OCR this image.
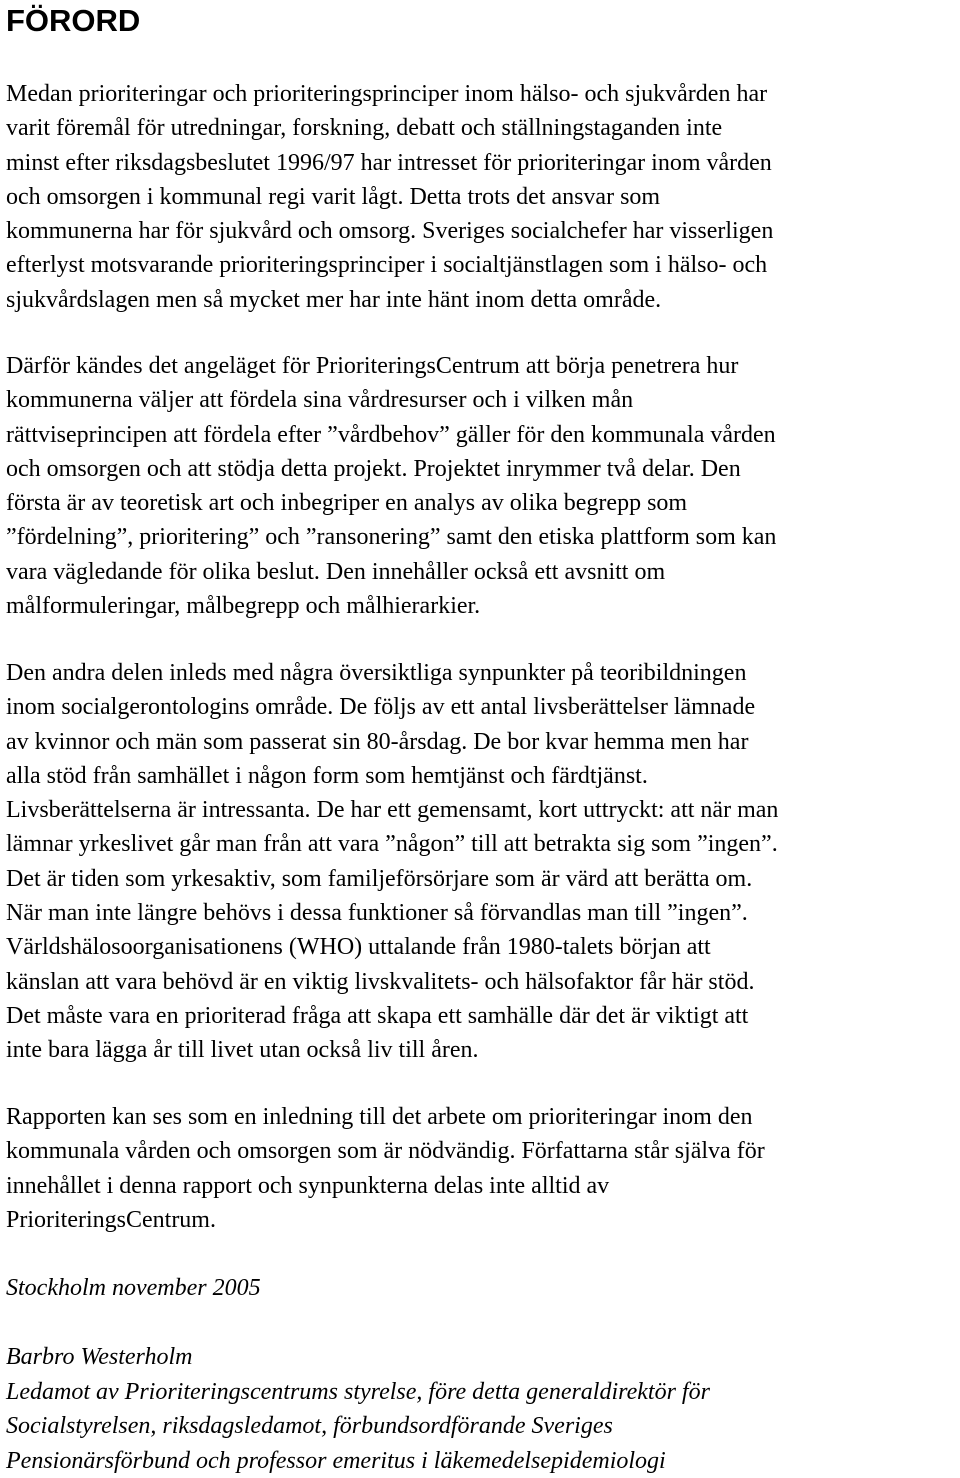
FÖRORD

Medan prioriteringar och prioriteringsprinciper inom hälso- och sjukvården har
varit föremål för utredningar, forskning, debatt och ställningstaganden inte
minst efter riksdagsbeslutet 1996/97 har intresset för prioriteringar inom vården
och omsorgen i kommunal regi varit lågt. Detta trots det ansvar som
kommunerna har för sjukvård och omsorg. Sveriges socialchefer har visserligen
efterlyst motsvarande prioriteringsprinciper i socialtjänstlagen som i hälso- och
sjukvårdslagen men så mycket mer har inte hänt inom detta område.

Därför kändes det angeläget för PrioriteringsCentrum att börja penetrera hur
kommunerna väljer att fördela sina vårdresurser och i vilken mån
rättviseprincipen att fördela efter ”vårdbehov” gäller för den kommunala vården
och omsorgen och att stödja detta projekt. Projektet inrymmer två delar. Den
första är av teoretisk art och inbegriper en analys av olika begrepp som
”fördelning”, prioritering” och ”ransonering” samt den etiska plattform som kan
vara vägledande för olika beslut. Den innehåller också ett avsnitt om
målformuleringar, målbegrepp och målhierarkier.

Den andra delen inleds med några översiktliga synpunkter på teoribildningen
inom socialgerontologins område. De följs av ett antal livsberättelser lämnade
av kvinnor och män som passerat sin 80-årsdag. De bor kvar hemma men har
alla stöd från samhället i någon form som hemtjänst och färdtjänst.
Livsberättelserna är intressanta. De har ett gemensamt, kort uttryckt: att när man
lämnar yrkeslivet går man från att vara ”någon” till att betrakta sig som ”ingen”.
Det är tiden som yrkesaktiv, som familjeförsörjare som är värd att berätta om.
När man inte längre behövs i dessa funktioner så förvandlas man till ”ingen”.
Världshälosoorganisationens (WHO) uttalande från 1980-talets början att
känslan att vara behövd är en viktig livskvalitets- och hälsofaktor får här stöd.
Det måste vara en prioriterad fråga att skapa ett samhälle där det är viktigt att
inte bara lägga år till livet utan också liv till åren.

Rapporten kan ses som en inledning till det arbete om prioriteringar inom den
kommunala vården och omsorgen som är nödvändig. Författarna står själva för
innehållet i denna rapport och synpunkterna delas inte alltid av
PrioriteringsCentrum.

Stockholm november 2005

Barbro Westerholm

Ledamot av Prioriteringscentrums styrelse, före detta generaldirektör för
Socialstyrelsen, riksdagsledamot, förbundsordförande Sveriges
Pensionärsförbund och professor emeritus i läkemedelsepidemiologi
